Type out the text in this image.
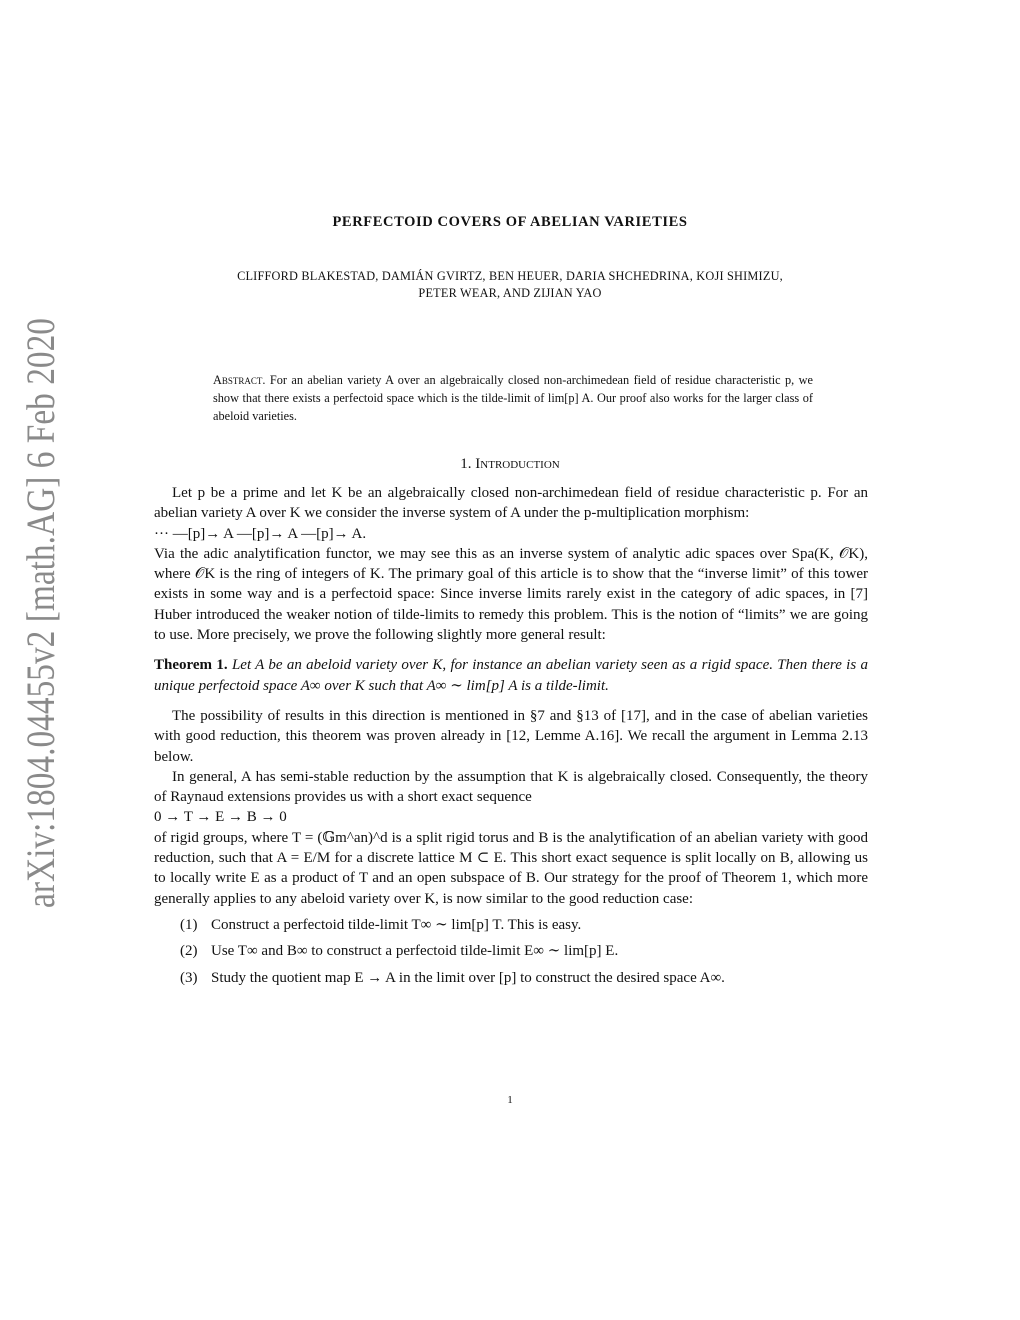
arXiv:1804.04455v2 [math.AG] 6 Feb 2020	PERFECTOID COVERS OF ABELIAN VARIETIES
CLIFFORD BLAKESTAD, DAMIÁN GVIRTZ, BEN HEUER, DARIA SHCHEDRINA, KOJI SHIMIZU,
PETER WEAR, AND ZIJIAN YAO
Abstract. For an abelian variety A over an algebraically closed non-archimedean field of residue characteristic p, we show that there exists a perfectoid space which is the tilde-limit of lim[p] A. Our proof also works for the larger class of abeloid varieties.
1. Introduction

Let p be a prime and let K be an algebraically closed non-archimedean field of residue characteristic p. For an abelian variety A over K we consider the inverse system of A under the p-multiplication morphism:

··· —[p]→ A —[p]→ A —[p]→ A.

Via the adic analytification functor, we may see this as an inverse system of analytic adic spaces over Spa(K, 𝒪K), where 𝒪K is the ring of integers of K. The primary goal of this article is to show that the “inverse limit” of this tower exists in some way and is a perfectoid space: Since inverse limits rarely exist in the category of adic spaces, in [7] Huber introduced the weaker notion of tilde-limits to remedy this problem. This is the notion of “limits” we are going to use. More precisely, we prove the following slightly more general result:

Theorem 1. Let A be an abeloid variety over K, for instance an abelian variety seen as a rigid space. Then there is a unique perfectoid space A∞ over K such that A∞ ∼ lim[p] A is a tilde-limit.

The possibility of results in this direction is mentioned in §7 and §13 of [17], and in the case of abelian varieties with good reduction, this theorem was proven already in [12, Lemme A.16]. We recall the argument in Lemma 2.13 below.

In general, A has semi-stable reduction by the assumption that K is algebraically closed. Consequently, the theory of Raynaud extensions provides us with a short exact sequence

0 → T → E → B → 0

of rigid groups, where T = (𝔾m^an)^d is a split rigid torus and B is the analytification of an abelian variety with good reduction, such that A = E/M for a discrete lattice M ⊂ E. This short exact sequence is split locally on B, allowing us to locally write E as a product of T and an open subspace of B. Our strategy for the proof of Theorem 1, which more generally applies to any abeloid variety over K, is now similar to the good reduction case:

(1) Construct a perfectoid tilde-limit T∞ ∼ lim[p] T. This is easy.
(2) Use T∞ and B∞ to construct a perfectoid tilde-limit E∞ ∼ lim[p] E.
(3) Study the quotient map E → A in the limit over [p] to construct the desired space A∞.
1
